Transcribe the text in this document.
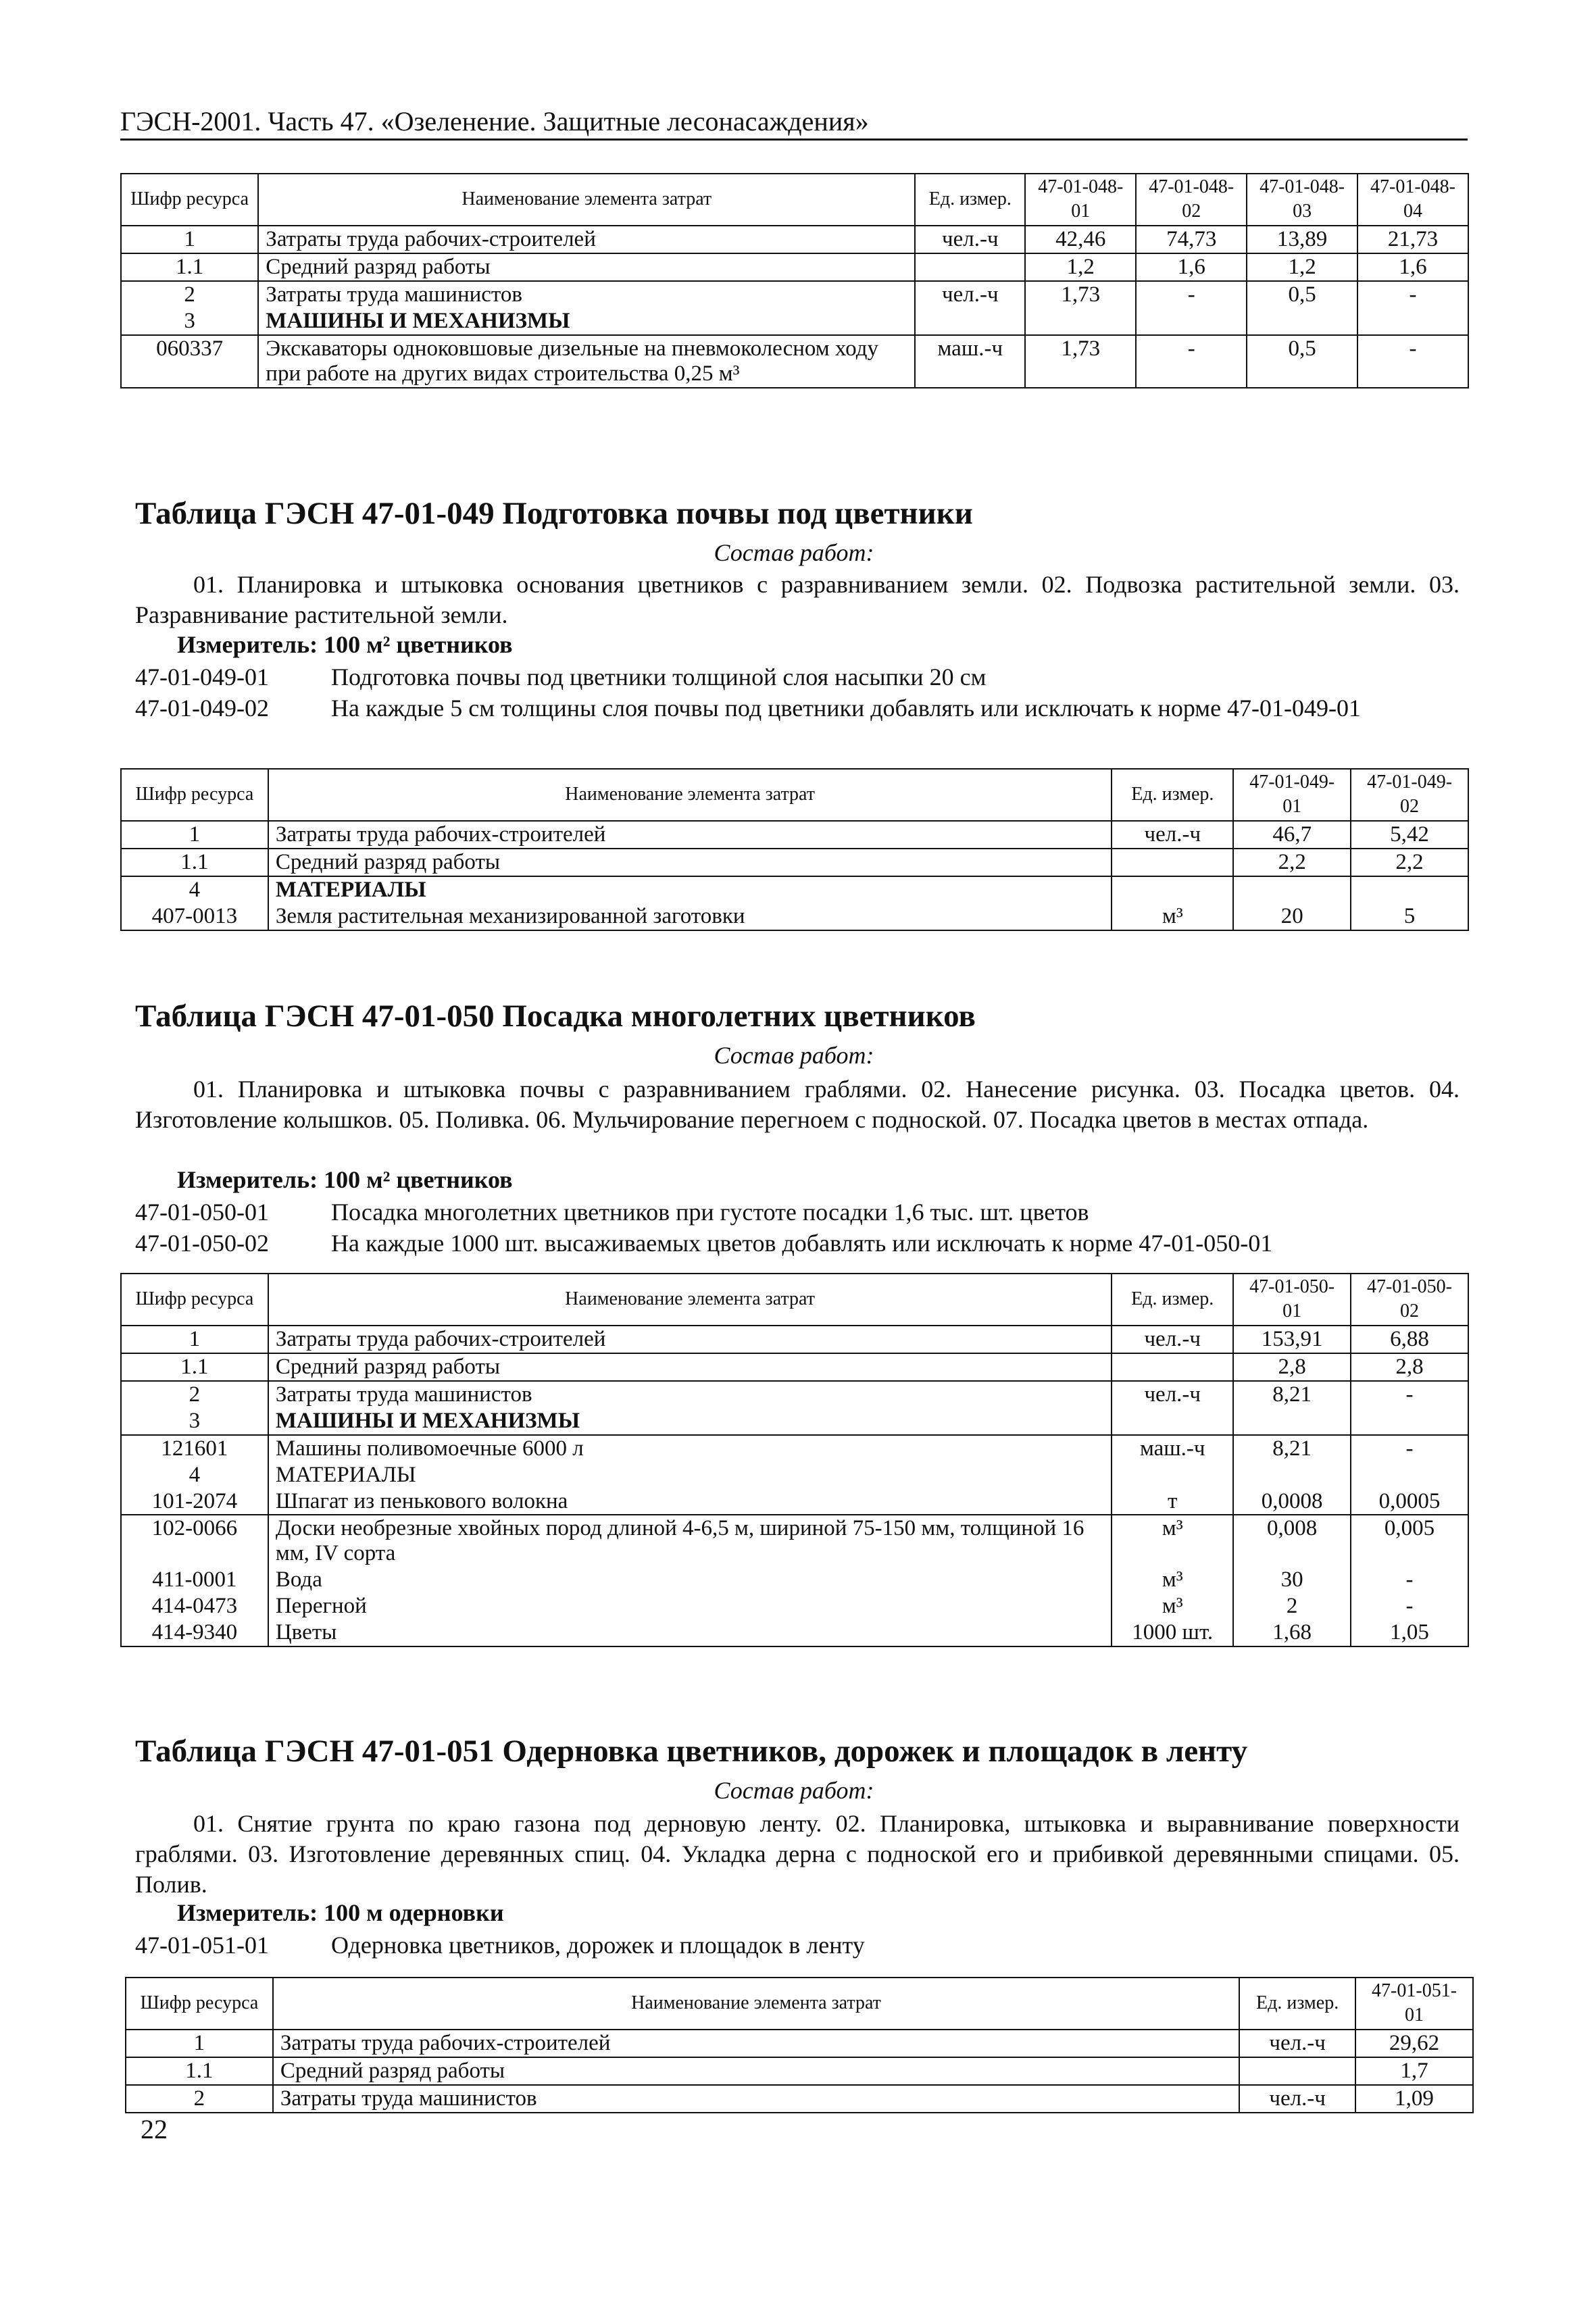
ГЭСН-2001. Часть 47. «Озеленение. Защитные лесонасаждения»
Шифр ресурса	Наименование элемента затрат	Ед. измер.	47-01-048-01	47-01-048-02	47-01-048-03	47-01-048-04
1	Затраты труда рабочих-строителей	чел.-ч	42,46	74,73	13,89	21,73
1.1	Средний разряд работы		1,2	1,6	1,2	1,6
2	Затраты труда машинистов	чел.-ч	1,73	-	0,5	-
3	МАШИНЫ И МЕХАНИЗМЫ					
060337	Экскаваторы одноковшовые дизельные на пневмоколесном ходу при работе на других видах строительства 0,25 м³	маш.-ч	1,73	-	0,5	-
Таблица ГЭСН 47-01-049 Подготовка почвы под цветники
Состав работ:
01. Планировка и штыковка основания цветников с разравниванием земли. 02. Подвозка растительной земли. 03. Разравнивание растительной земли.
Измеритель: 100 м² цветников
47-01-049-01	Подготовка почвы под цветники толщиной слоя насыпки 20 см
47-01-049-02	На каждые 5 см толщины слоя почвы под цветники добавлять или исключать к норме 47-01-049-01
Шифр ресурса	Наименование элемента затрат	Ед. измер.	47-01-049-01	47-01-049-02
1	Затраты труда рабочих-строителей	чел.-ч	46,7	5,42
1.1	Средний разряд работы		2,2	2,2
4	МАТЕРИАЛЫ			
407-0013	Земля растительная механизированной заготовки	м³	20	5
Таблица ГЭСН 47-01-050 Посадка многолетних цветников
Состав работ:
01. Планировка и штыковка почвы с разравниванием граблями. 02. Нанесение рисунка. 03. Посадка цветов. 04. Изготовление колышков. 05. Поливка. 06. Мульчирование перегноем с подноской. 07. Посадка цветов в местах отпада.
Измеритель: 100 м² цветников
47-01-050-01	Посадка многолетних цветников при густоте посадки 1,6 тыс. шт. цветов
47-01-050-02	На каждые 1000 шт. высаживаемых цветов добавлять или исключать к норме 47-01-050-01
Шифр ресурса	Наименование элемента затрат	Ед. измер.	47-01-050-01	47-01-050-02
1	Затраты труда рабочих-строителей	чел.-ч	153,91	6,88
1.1	Средний разряд работы		2,8	2,8
2	Затраты труда машинистов	чел.-ч	8,21	-
3	МАШИНЫ И МЕХАНИЗМЫ			
121601	Машины поливомоечные 6000 л	маш.-ч	8,21	-
4	МАТЕРИАЛЫ			
101-2074	Шпагат из пенькового волокна	т	0,0008	0,0005
102-0066	Доски необрезные хвойных пород длиной 4-6,5 м, шириной 75-150 мм, толщиной 16 мм, IV сорта	м³	0,008	0,005
411-0001	Вода	м³	30	-
414-0473	Перегной	м³	2	-
414-9340	Цветы	1000 шт.	1,68	1,05
Таблица ГЭСН 47-01-051 Одерновка цветников, дорожек и площадок в ленту
Состав работ:
01. Снятие грунта по краю газона под дерновую ленту. 02. Планировка, штыковка и выравнивание поверхности граблями. 03. Изготовление деревянных спиц. 04. Укладка дерна с подноской его и прибивкой деревянными спицами. 05. Полив.
Измеритель: 100 м одерновки
47-01-051-01	Одерновка цветников, дорожек и площадок в ленту
Шифр ресурса	Наименование элемента затрат	Ед. измер.	47-01-051-01
1	Затраты труда рабочих-строителей	чел.-ч	29,62
1.1	Средний разряд работы		1,7
2	Затраты труда машинистов	чел.-ч	1,09
22
